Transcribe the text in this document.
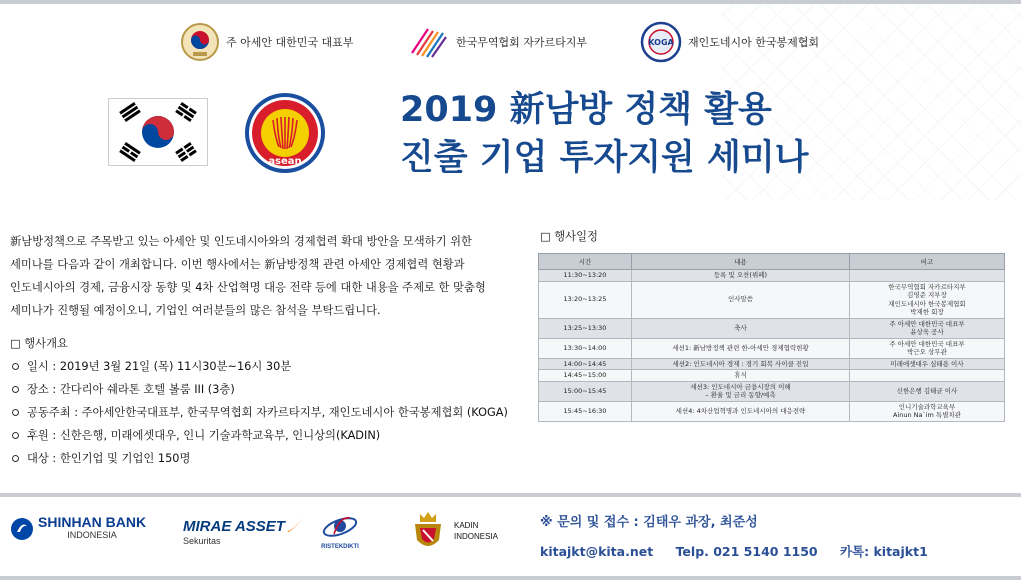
주 아세안 대한민국 대표부	한국무역협회 자카르타지부	KOGA 재인도네시아 한국봉제협회
asean
2019 新남방 정책 활용
진출 기업 투자지원 세미나
新남방정책으로 주목받고 있는 아세안 및 인도네시아와의 경제협력 확대 방안을 모색하기 위한
세미나를 다음과 같이 개최합니다. 이번 행사에서는 新남방정책 관련 아세안 경제협력 현황과
인도네시아의 경제, 금융시장 동향 및 4차 산업혁명 대응 전략 등에 대한 내용을 주제로 한 맞춤형
세미나가 진행될 예정이오니, 기업인 여러분들의 많은 참석을 부탁드립니다.
□ 행사개요
일시 : 2019년 3월 21일 (목) 11시30분~16시 30분
장소 : 간다리아 쉐라톤 호텔 볼룸 III (3층)
공동주최 : 주아세안한국대표부, 한국무역협회 자카르타지부, 재인도네시아 한국봉제협회 (KOGA)
후원 : 신한은행, 미래에셋대우, 인니 기술과학교육부, 인니상의(KADIN)
대상 : 한인기업 및 기업인 150명
□ 행사일정
시간	내용	비고

11:30~13:20	등록 및 오찬(뷔페)	

13:20~13:25	인사말씀	한국무역협회 자카르타지부
김영준 지부장
재인도네시아 한국봉제협회
박재한 회장

13:25~13:30	축사	주 아세안 대한민국 대표부
윤상욱 공사

13:30~14:00	세션1: 新남방정책 관련 한-아세안 경제협력현황	주 아세안 대한민국 대표부
박근오 상무관

14:00~14:45	세션2: 인도네시아 경제 : 경기 회복 사이클 진입	미래에셋대우 심태용 이사

14:45~15:00	휴식	

15:00~15:45	세션3: 인도네시아 금융시장의 이해
– 환율 및 금리 동향/예측	신한은행 김태균 이사

15:45~16:30	세션4: 4차산업혁명과 인도네시아의 대응전략	인니기술과학교육부
Ainun Na`im 특별차관
SHINHAN BANK
INDONESIA	MIRAE ASSET
Sekuritas
RISTEKDIKTI
KADIN
INDONESIA
※ 문의 및 접수 : 김태우 과장, 최준성
kitajkt@kita.net Telp. 021 5140 1150 카톡: kitajkt1
